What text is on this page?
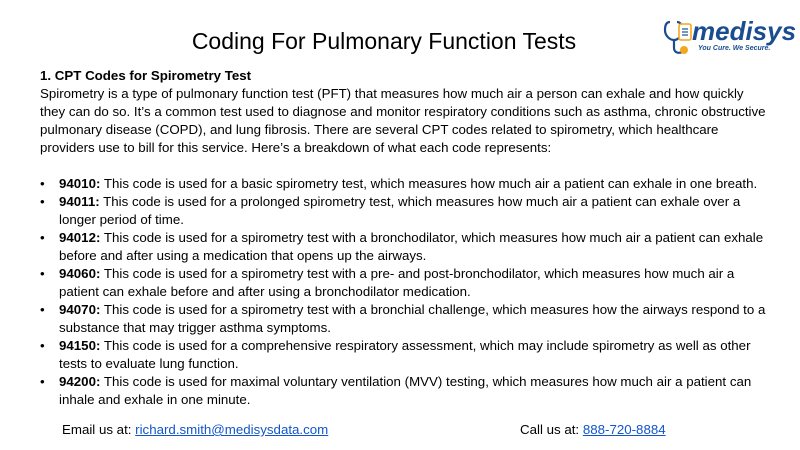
Coding For Pulmonary Function Tests	medisys
You Cure. We Secure.
1. CPT Codes for Spirometry Test

Spirometry is a type of pulmonary function test (PFT) that measures how much air a person can exhale and how quickly they can do so. It’s a common test used to diagnose and monitor respiratory conditions such as asthma, chronic obstructive pulmonary disease (COPD), and lung fibrosis. There are several CPT codes related to spirometry, which healthcare providers use to bill for this service. Here’s a breakdown of what each code represents:

• 94010: This code is used for a basic spirometry test, which measures how much air a patient can exhale in one breath.
• 94011: This code is used for a prolonged spirometry test, which measures how much air a patient can exhale over a longer period of time.
• 94012: This code is used for a spirometry test with a bronchodilator, which measures how much air a patient can exhale before and after using a medication that opens up the airways.
• 94060: This code is used for a spirometry test with a pre- and post-bronchodilator, which measures how much air a patient can exhale before and after using a bronchodilator medication.
• 94070: This code is used for a spirometry test with a bronchial challenge, which measures how the airways respond to a substance that may trigger asthma symptoms.
• 94150: This code is used for a comprehensive respiratory assessment, which may include spirometry as well as other tests to evaluate lung function.
• 94200: This code is used for maximal voluntary ventilation (MVV) testing, which measures how much air a patient can inhale and exhale in one minute.
Email us at: richard.smith@medisysdata.com	Call us at: 888-720-8884
